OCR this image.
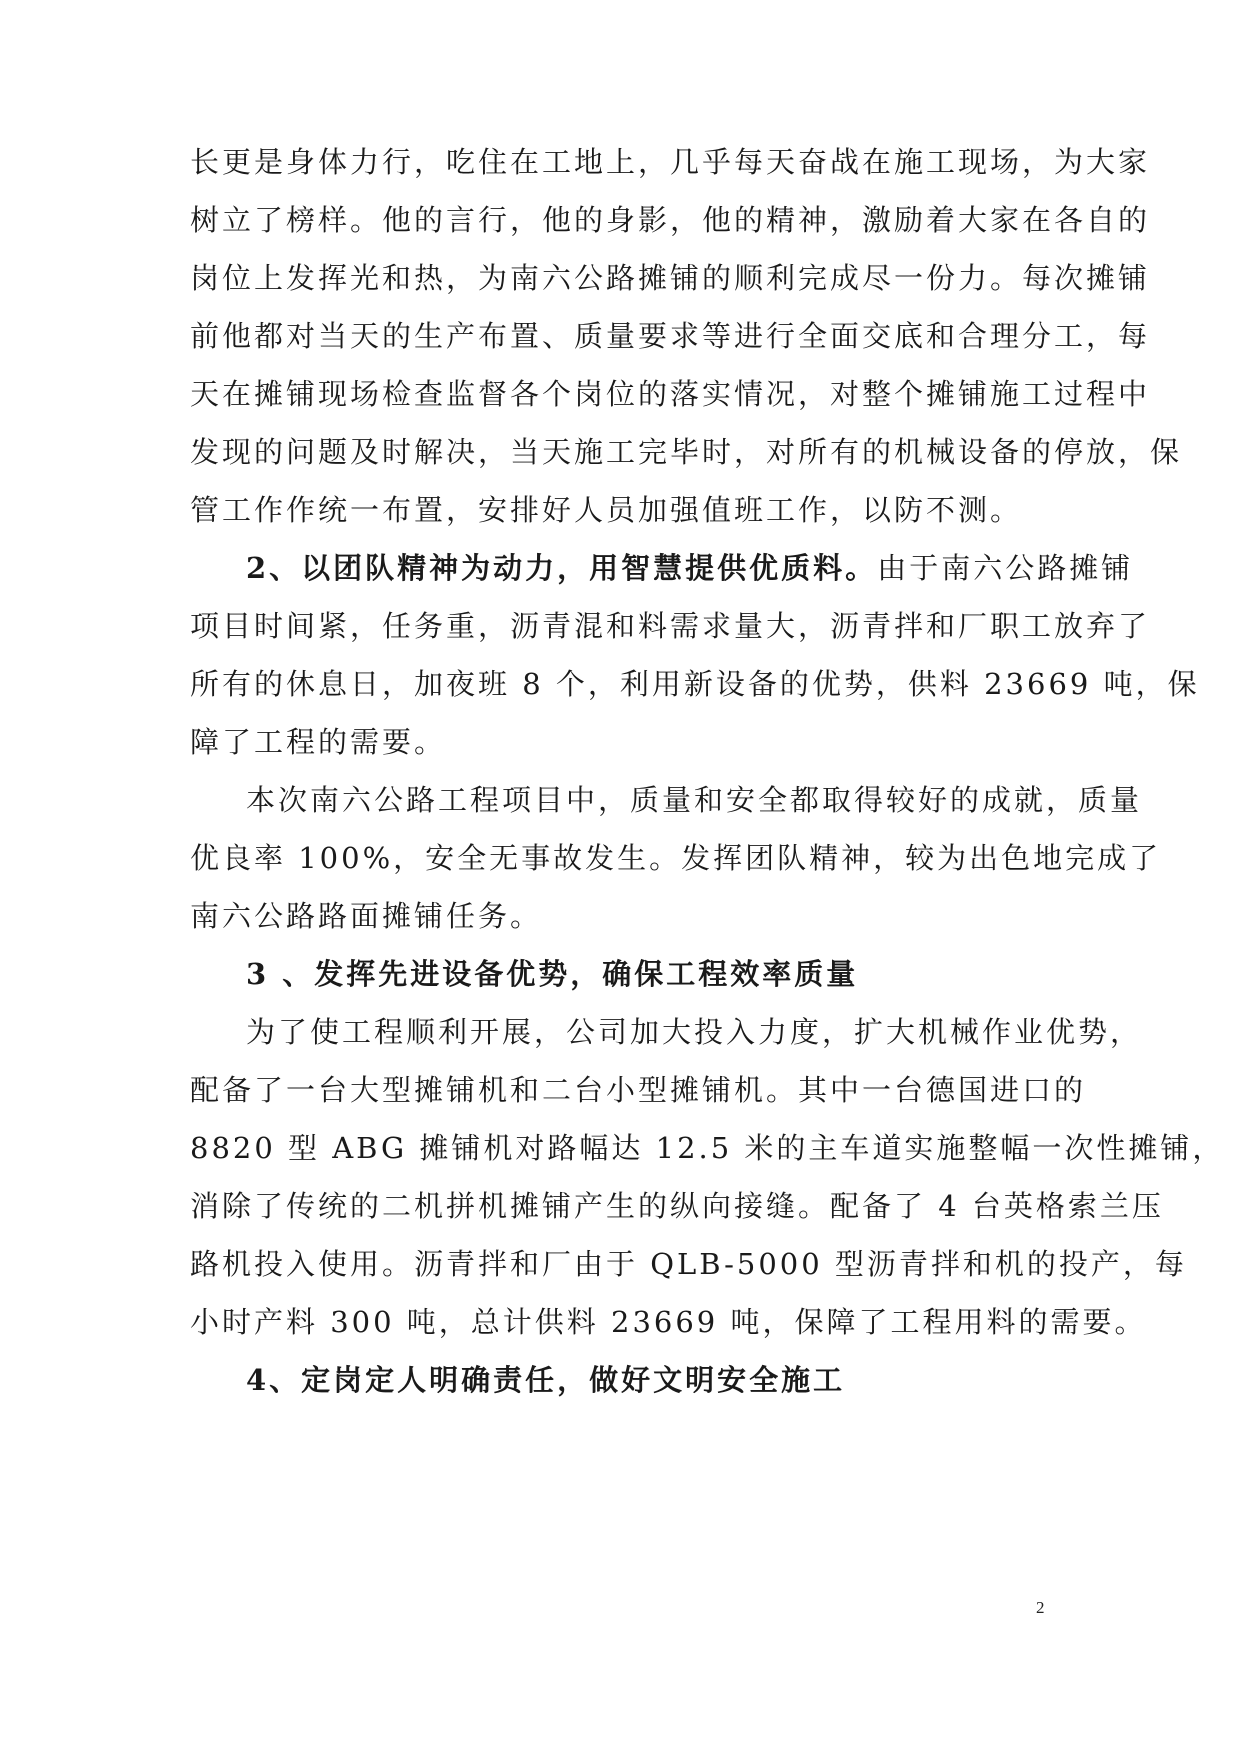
长更是身体力行，吃住在工地上，几乎每天奋战在施工现场，为大家
树立了榜样。他的言行，他的身影，他的精神，激励着大家在各自的
岗位上发挥光和热，为南六公路摊铺的顺利完成尽一份力。每次摊铺
前他都对当天的生产布置、质量要求等进行全面交底和合理分工，每
天在摊铺现场检查监督各个岗位的落实情况，对整个摊铺施工过程中
发现的问题及时解决，当天施工完毕时，对所有的机械设备的停放，保
管工作作统一布置，安排好人员加强值班工作，以防不测。
2、以团队精神为动力，用智慧提供优质料。由于南六公路摊铺
项目时间紧，任务重，沥青混和料需求量大，沥青拌和厂职工放弃了
所有的休息日，加夜班 8 个，利用新设备的优势，供料 23669 吨，保
障了工程的需要。
本次南六公路工程项目中，质量和安全都取得较好的成就，质量
优良率 100%，安全无事故发生。发挥团队精神，较为出色地完成了
南六公路路面摊铺任务。
3 、发挥先进设备优势，确保工程效率质量
为了使工程顺利开展，公司加大投入力度，扩大机械作业优势，
配备了一台大型摊铺机和二台小型摊铺机。其中一台德国进口的
8820 型 ABG 摊铺机对路幅达 12.5 米的主车道实施整幅一次性摊铺，
消除了传统的二机拼机摊铺产生的纵向接缝。配备了 4 台英格索兰压
路机投入使用。沥青拌和厂由于 QLB-5000 型沥青拌和机的投产，每
小时产料 300 吨，总计供料 23669 吨，保障了工程用料的需要。
4、定岗定人明确责任，做好文明安全施工
2
